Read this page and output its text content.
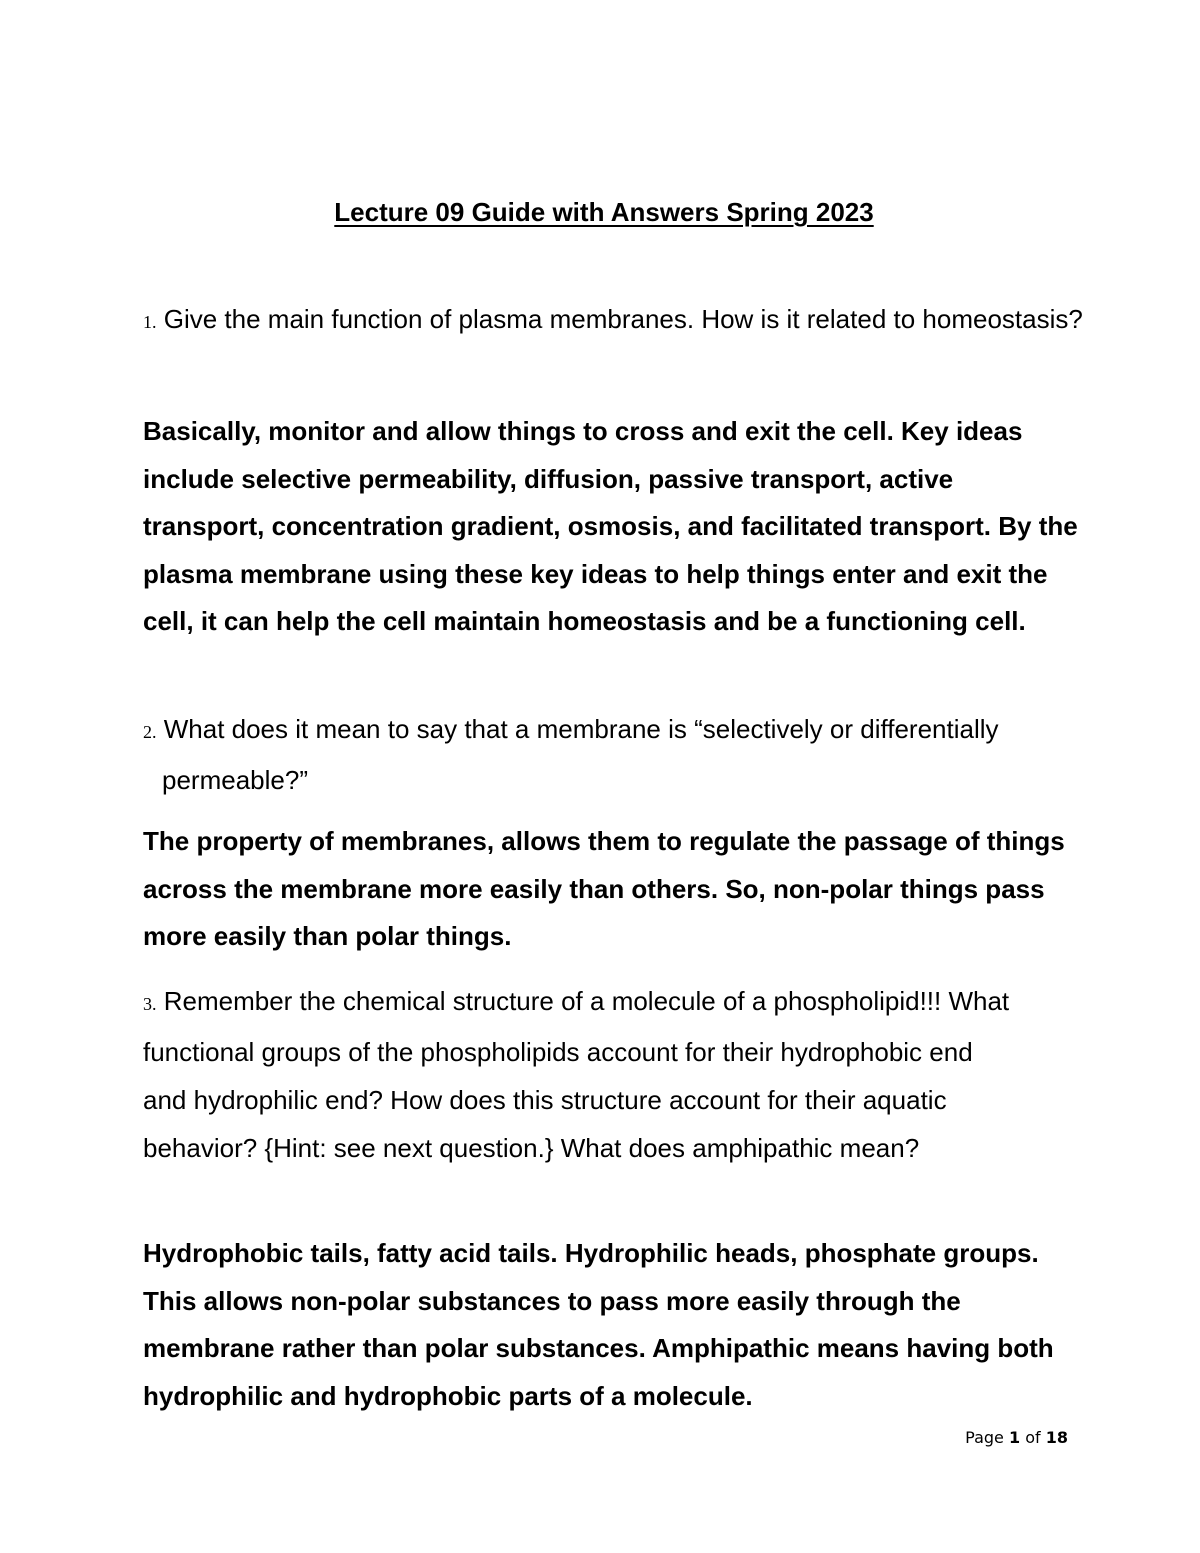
Lecture 09 Guide with Answers Spring 2023
1. Give the main function of plasma membranes. How is it related to homeostasis?
Basically, monitor and allow things to cross and exit the cell. Key ideas include selective permeability, diffusion, passive transport, active transport, concentration gradient, osmosis, and facilitated transport. By the plasma membrane using these key ideas to help things enter and exit the cell, it can help the cell maintain homeostasis and be a functioning cell.
2. What does it mean to say that a membrane is “selectively or differentially permeable?”
The property of membranes, allows them to regulate the passage of things across the membrane more easily than others. So, non-polar things pass more easily than polar things.
3. Remember the chemical structure of a molecule of a phospholipid!!! What functional groups of the phospholipids account for their hydrophobic end and hydrophilic end? How does this structure account for their aquatic behavior? {Hint: see next question.} What does amphipathic mean?
Hydrophobic tails, fatty acid tails. Hydrophilic heads, phosphate groups. This allows non-polar substances to pass more easily through the membrane rather than polar substances. Amphipathic means having both hydrophilic and hydrophobic parts of a molecule.
Page 1 of 18
